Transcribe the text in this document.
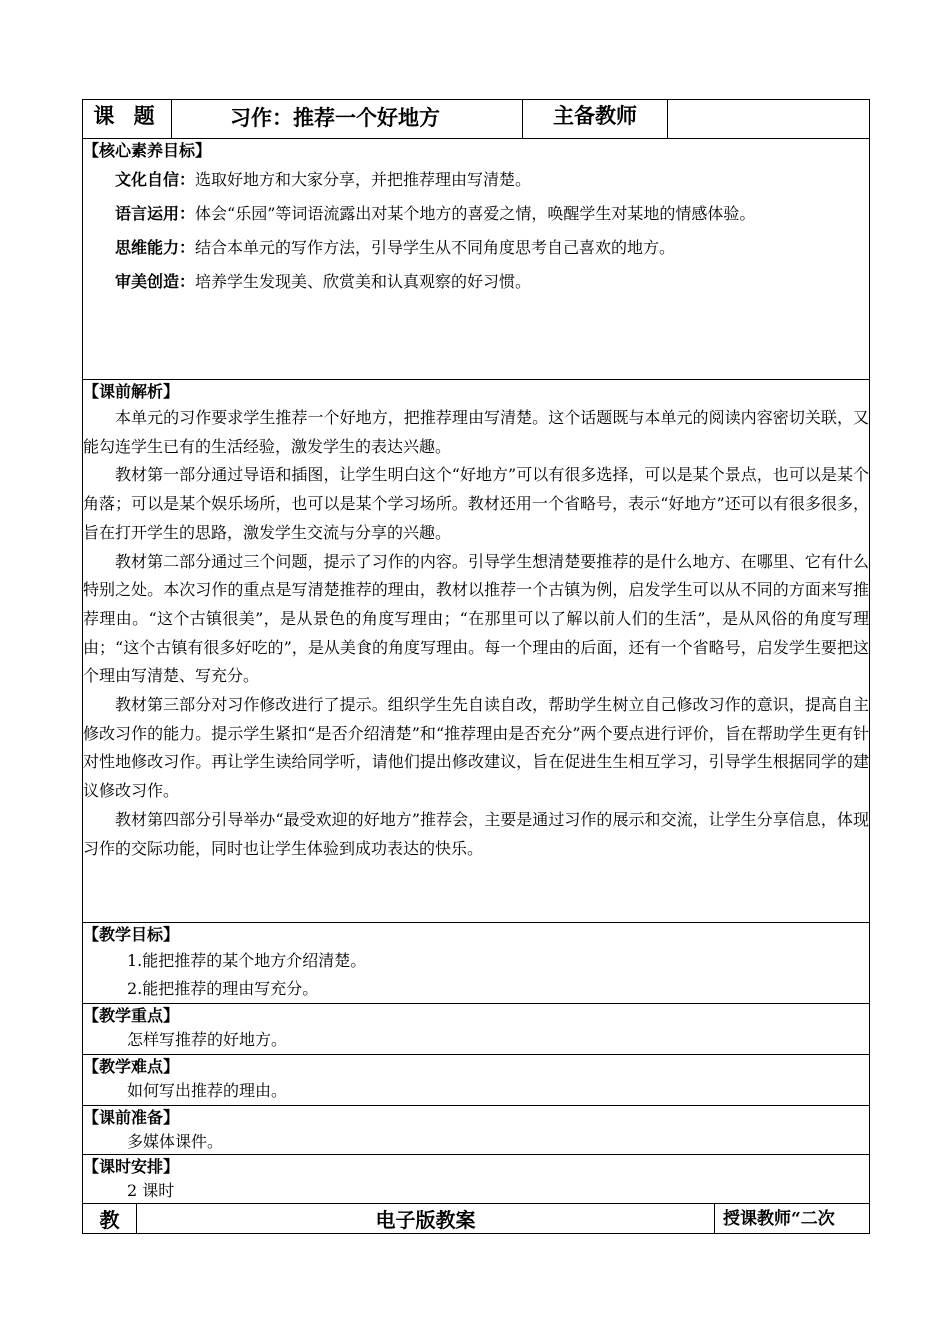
课 题	习作：推荐一个好地方	主备教师	

【核心素养目标】
文化自信：选取好地方和大家分享，并把推荐理由写清楚。
语言运用：体会“乐园”等词语流露出对某个地方的喜爱之情，唤醒学生对某地的情感体验。
思维能力：结合本单元的写作方法，引导学生从不同角度思考自己喜欢的地方。
审美创造：培养学生发现美、欣赏美和认真观察的好习惯。

【课前解析】
本单元的习作要求学生推荐一个好地方，把推荐理由写清楚。这个话题既与本单元的阅读内容密切关联，又能勾连学生已有的生活经验，激发学生的表达兴趣。
教材第一部分通过导语和插图，让学生明白这个“好地方”可以有很多选择，可以是某个景点，也可以是某个角落；可以是某个娱乐场所，也可以是某个学习场所。教材还用一个省略号，表示“好地方”还可以有很多很多，旨在打开学生的思路，激发学生交流与分享的兴趣。
教材第二部分通过三个问题，提示了习作的内容。引导学生想清楚要推荐的是什么地方、在哪里、它有什么特别之处。本次习作的重点是写清楚推荐的理由，教材以推荐一个古镇为例，启发学生可以从不同的方面来写推荐理由。“这个古镇很美”，是从景色的角度写理由；“在那里可以了解以前人们的生活”，是从风俗的角度写理由；“这个古镇有很多好吃的”，是从美食的角度写理由。每一个理由的后面，还有一个省略号，启发学生要把这个理由写清楚、写充分。
教材第三部分对习作修改进行了提示。组织学生先自读自改，帮助学生树立自己修改习作的意识，提高自主修改习作的能力。提示学生紧扣“是否介绍清楚”和“推荐理由是否充分”两个要点进行评价，旨在帮助学生更有针对性地修改习作。再让学生读给同学听，请他们提出修改建议，旨在促进生生相互学习，引导学生根据同学的建议修改习作。
教材第四部分引导举办“最受欢迎的好地方”推荐会，主要是通过习作的展示和交流，让学生分享信息，体现习作的交际功能，同时也让学生体验到成功表达的快乐。

【教学目标】
1.能把推荐的某个地方介绍清楚。
2.能把推荐的理由写充分。

【教学重点】
怎样写推荐的好地方。

【教学难点】
如何写出推荐的理由。

【课前准备】
多媒体课件。

【课时安排】
2 课时
教	电子版教案	授课教师“二次
